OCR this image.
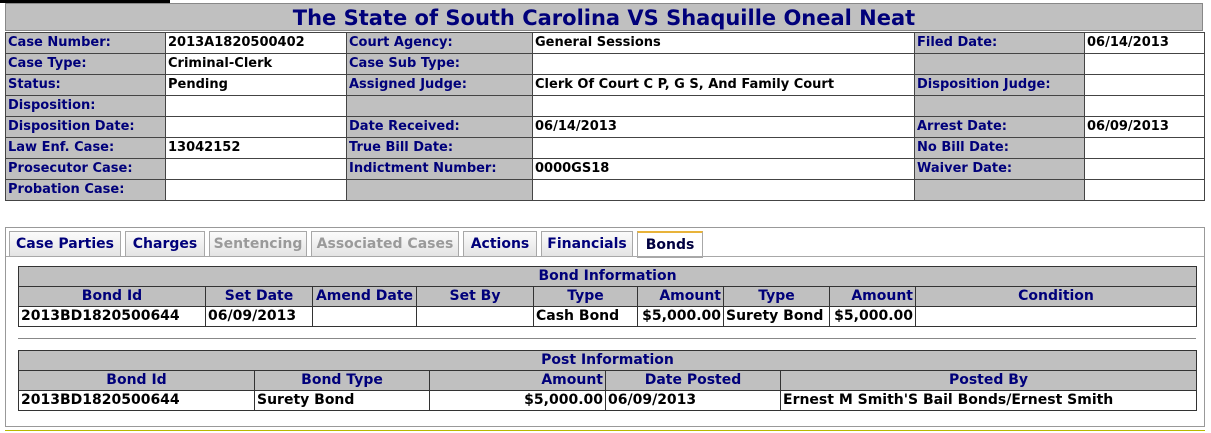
The State of South Carolina VS Shaquille Oneal Neat
Case Number:	2013A1820500402	Court Agency:	General Sessions	Filed Date:	06/14/2013
Case Type:	Criminal-Clerk	Case Sub Type:			
Status:	Pending	Assigned Judge:	Clerk Of Court C P, G S, And Family Court	Disposition Judge:	
Disposition:					
Disposition Date:		Date Received:	06/14/2013	Arrest Date:	06/09/2013
Law Enf. Case:	13042152	True Bill Date:		No Bill Date:	
Prosecutor Case:		Indictment Number:	0000GS18	Waiver Date:	
Probation Case:					
Case Parties	Charges	Sentencing	Associated Cases	Actions	Financials	Bonds
Bond Information								
Bond Id	Set Date	Amend Date	Set By	Type	Amount	Type	Amount	Condition
2013BD1820500644	06/09/2013			Cash Bond	$5,000.00	Surety Bond	$5,000.00	
Post Information				
Bond Id	Bond Type	Amount	Date Posted	Posted By
2013BD1820500644	Surety Bond	$5,000.00	06/09/2013	Ernest M Smith'S Bail Bonds/Ernest Smith
